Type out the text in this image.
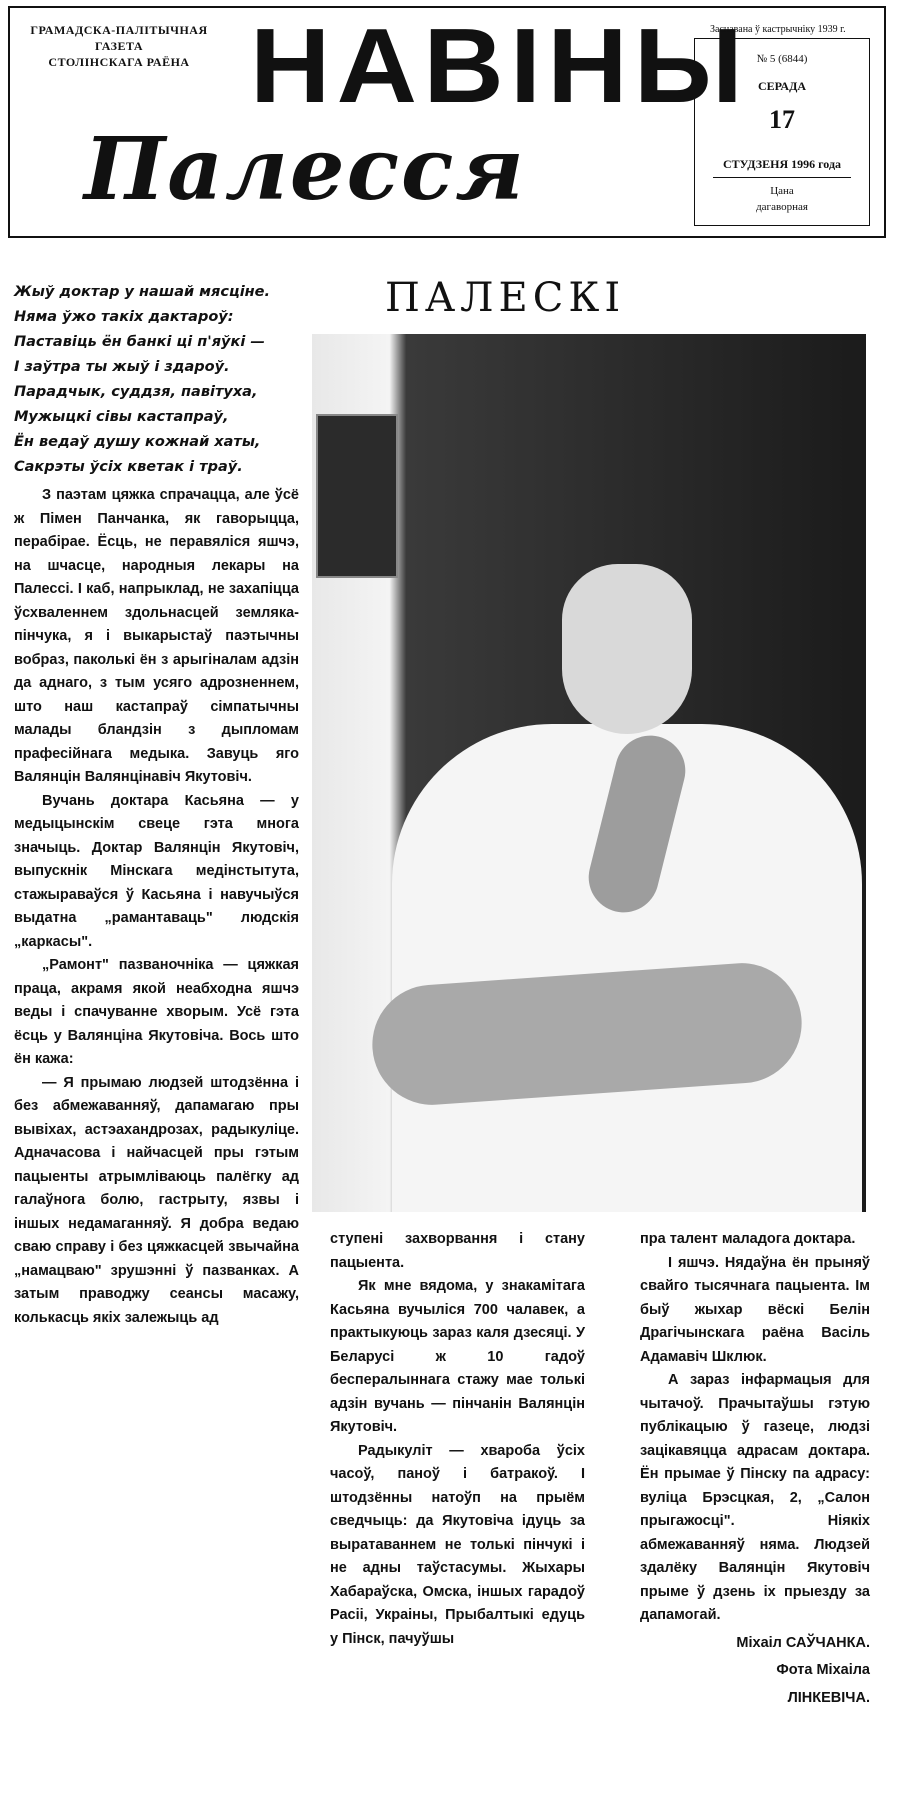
ГРАМАДСКА-ПАЛІТЫЧНАЯ
ГАЗЕТА
СТОЛІНСКАГА РАЁНА НАВІНЫ
Палесся
Заснавана ў кастрычніку 1939 г.
№ 5 (6844)
СЕРАДА
17
СТУДЗЕНЯ 1996 года
Цана
дагаворная
Жыў доктар у нашай мясціне.
Няма ўжо такіх дактароў:
Паставіць ён банкі ці п'яўкі —
І заўтра ты жыў і здароў.
Парадчык, суддзя, павітуха,
Мужыцкі сівы кастапраў,
Ён ведаў душу кожнай хаты,
Сакрэты ўсіх кветак і траў.
ПАЛЕСКІ

З паэтам цяжка спрачацца, але ўсё ж Пімен Панчанка, як гаворыцца, перабірае. Ёсць, не перавяліся яшчэ, на шчасце, народныя лекары на Палессі. І каб, напрыклад, не захапіцца ўсхваленнем здольнасцей земляка-пінчука, я і выкарыстаў паэтычны вобраз, паколькі ён з арыгіналам адзін да аднаго, з тым усяго адрозненнем, што наш кастапраў сімпатычны малады бландзін з дыпломам прафесійнага медыка. Завуць яго Валянцін Валянцінавіч Якутовіч.

Вучань доктара Касьяна — у медыцынскім свеце гэта многа значыць. Доктар Валянцін Якутовіч, выпускнік Мінскага медінстытута, стажыраваўся ў Касьяна і навучыўся выдатна „рамантаваць" людскія „каркасы".

„Рамонт" пазваночніка — цяжкая праца, акрамя якой неабходна яшчэ веды і спачуванне хворым. Усё гэта ёсць у Валянціна Якутовіча. Вось што ён кажа:

— Я прымаю людзей штодзённа і без абмежаванняў, дапамагаю пры вывіхах, астэахандрозах, радыкуліце. Адначасова і найчасцей пры гэтым пацыенты атрымліваюць палёгку ад галаўнога болю, гастрыту, язвы і іншых недамаганняў. Я добра ведаю сваю справу і без цяжкасцей звычайна „намацваю" зрушэнні ў пазванках. А затым праводжу сеансы масажу, колькасць якіх залежыць ад

ступені захворвання і стану пацыента.

Як мне вядома, у знакамітага Касьяна вучыліся 700 чалавек, а практыкуюць зараз каля дзесяці. У Беларусі ж 10 гадоў беспералыннага стажу мае толькі адзін вучань — пінчанін Валянцін Якутовіч.

Радыкуліт — хвароба ўсіх часоў, паноў і батракоў. І штодзённы натоўп на прыём сведчыць: да Якутовіча ідуць за выратаваннем не толькі пінчукі і не адны таўстасумы. Жыхары Хабараўска, Омска, іншых гарадоў Расіі, Украіны, Прыбалтыкі едуць у Пінск, пачуўшы

пра талент маладога доктара.

І яшчэ. Нядаўна ён прыняў свайго тысячнага пацыента. Ім быў жыхар вёскі Белін Драгічынскага раёна Васіль Адамавіч Шклюк.

А зараз інфармацыя для чытачоў. Прачытаўшы гэтую публікацыю ў газеце, людзі зацікавяцца адрасам доктара. Ён прымае ў Пінску па адрасу: вуліца Брэсцкая, 2, „Салон прыгажосці". Ніякіх абмежаванняў няма. Людзей здалёку Валянцін Якутовіч прыме ў дзень іх прыезду за дапамогай.

Міхаіл САЎЧАНКА.
Фота Міхаіла
ЛІНКЕВІЧА.
